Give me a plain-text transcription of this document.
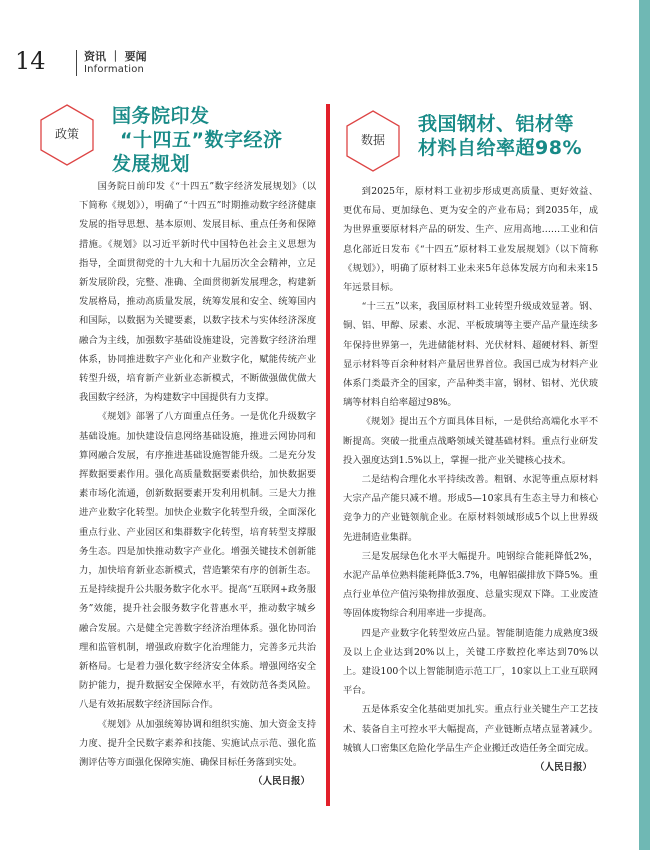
14	资讯 ｜ 要闻
Information
政策
国务院印发
“十四五”数字经济
发展规划

国务院日前印发《“十四五”数字经济发展规划》（以下简称《规划》），明确了“十四五”时期推动数字经济健康发展的指导思想、基本原则、发展目标、重点任务和保障措施。《规划》以习近平新时代中国特色社会主义思想为指导，全面贯彻党的十九大和十九届历次全会精神，立足新发展阶段，完整、准确、全面贯彻新发展理念，构建新发展格局，推动高质量发展，统筹发展和安全、统筹国内和国际，以数据为关键要素，以数字技术与实体经济深度融合为主线，加强数字基础设施建设，完善数字经济治理体系，协同推进数字产业化和产业数字化，赋能传统产业转型升级，培育新产业新业态新模式，不断做强做优做大我国数字经济，为构建数字中国提供有力支撑。

《规划》部署了八方面重点任务。一是优化升级数字基础设施。加快建设信息网络基础设施，推进云网协同和算网融合发展，有序推进基础设施智能升级。二是充分发挥数据要素作用。强化高质量数据要素供给，加快数据要素市场化流通，创新数据要素开发利用机制。三是大力推进产业数字化转型。加快企业数字化转型升级，全面深化重点行业、产业园区和集群数字化转型，培育转型支撑服务生态。四是加快推动数字产业化。增强关键技术创新能力，加快培育新业态新模式，营造繁荣有序的创新生态。五是持续提升公共服务数字化水平。提高“互联网+政务服务”效能，提升社会服务数字化普惠水平，推动数字城乡融合发展。六是健全完善数字经济治理体系。强化协同治理和监管机制，增强政府数字化治理能力，完善多元共治新格局。七是着力强化数字经济安全体系。增强网络安全防护能力，提升数据安全保障水平，有效防范各类风险。八是有效拓展数字经济国际合作。

《规划》从加强统筹协调和组织实施、加大资金支持力度、提升全民数字素养和技能、实施试点示范、强化监测评估等方面强化保障实施、确保目标任务落到实处。

（人民日报）
数据
我国钢材、铝材等
材料自给率超98%

到2025年，原材料工业初步形成更高质量、更好效益、更优布局、更加绿色、更为安全的产业布局；到2035年，成为世界重要原材料产品的研发、生产、应用高地……工业和信息化部近日发布《“十四五”原材料工业发展规划》（以下简称《规划》），明确了原材料工业未来5年总体发展方向和未来15年远景目标。

“十三五”以来，我国原材料工业转型升级成效显著。钢、铜、铝、甲醇、尿素、水泥、平板玻璃等主要产品产量连续多年保持世界第一，先进储能材料、光伏材料、超硬材料、新型显示材料等百余种材料产量居世界首位。我国已成为材料产业体系门类最齐全的国家，产品种类丰富，钢材、铝材、光伏玻璃等材料自给率超过98%。

《规划》提出五个方面具体目标，一是供给高端化水平不断提高。突破一批重点战略领域关键基础材料。重点行业研发投入强度达到1.5%以上，掌握一批产业关键核心技术。

二是结构合理化水平持续改善。粗钢、水泥等重点原材料大宗产品产能只减不增。形成5—10家具有生态主导力和核心竞争力的产业链领航企业。在原材料领域形成5个以上世界级先进制造业集群。

三是发展绿色化水平大幅提升。吨钢综合能耗降低2%，水泥产品单位熟料能耗降低3.7%，电解铝碳排放下降5%。重点行业单位产值污染物排放强度、总量实现双下降。工业废渣等固体废物综合利用率进一步提高。

四是产业数字化转型效应凸显。智能制造能力成熟度3级及以上企业达到20%以上，关键工序数控化率达到70%以上。建设100个以上智能制造示范工厂，10家以上工业互联网平台。

五是体系安全化基础更加扎实。重点行业关键生产工艺技术、装备自主可控水平大幅提高，产业链断点堵点显著减少。城镇人口密集区危险化学品生产企业搬迁改造任务全面完成。

（人民日报）
